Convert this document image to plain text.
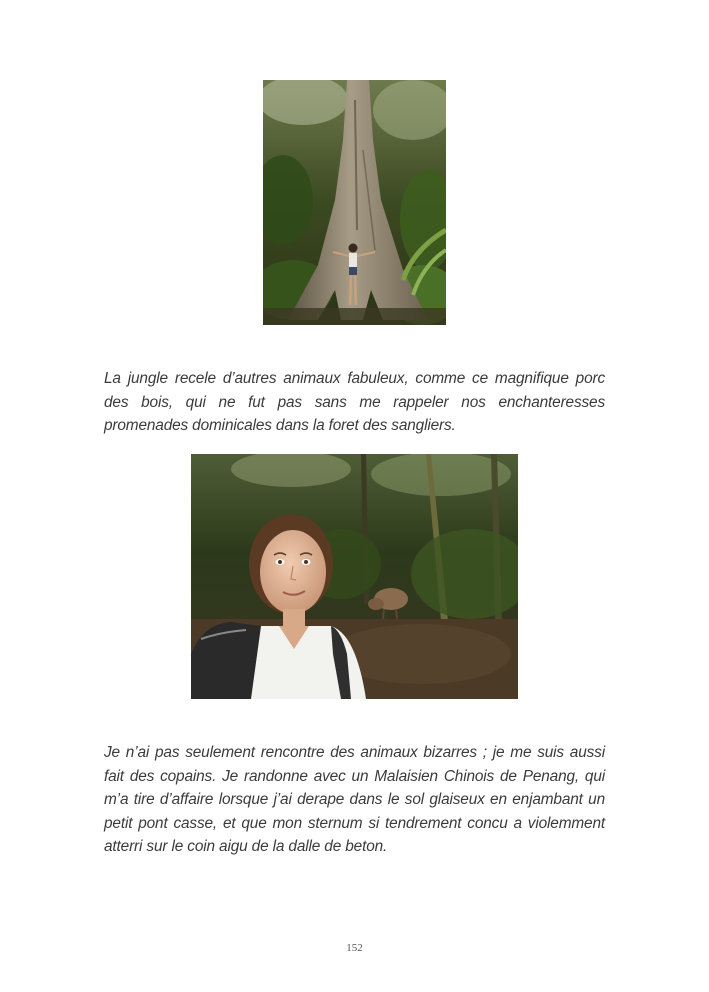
La jungle recele d’autres animaux fabuleux, comme ce magnifique porc des bois, qui ne fut pas sans me rappeler nos enchanteresses promenades dominicales dans la foret des sangliers.

Je n’ai pas seulement rencontre des animaux bizarres ; je me suis aussi fait des copains. Je randonne avec un Malaisien Chinois de Penang, qui m’a tire d’affaire lorsque j’ai derape dans le sol glaiseux en enjambant un petit pont casse, et que mon sternum si tendrement concu a violemment atterri sur le coin aigu de la dalle de beton.

152
